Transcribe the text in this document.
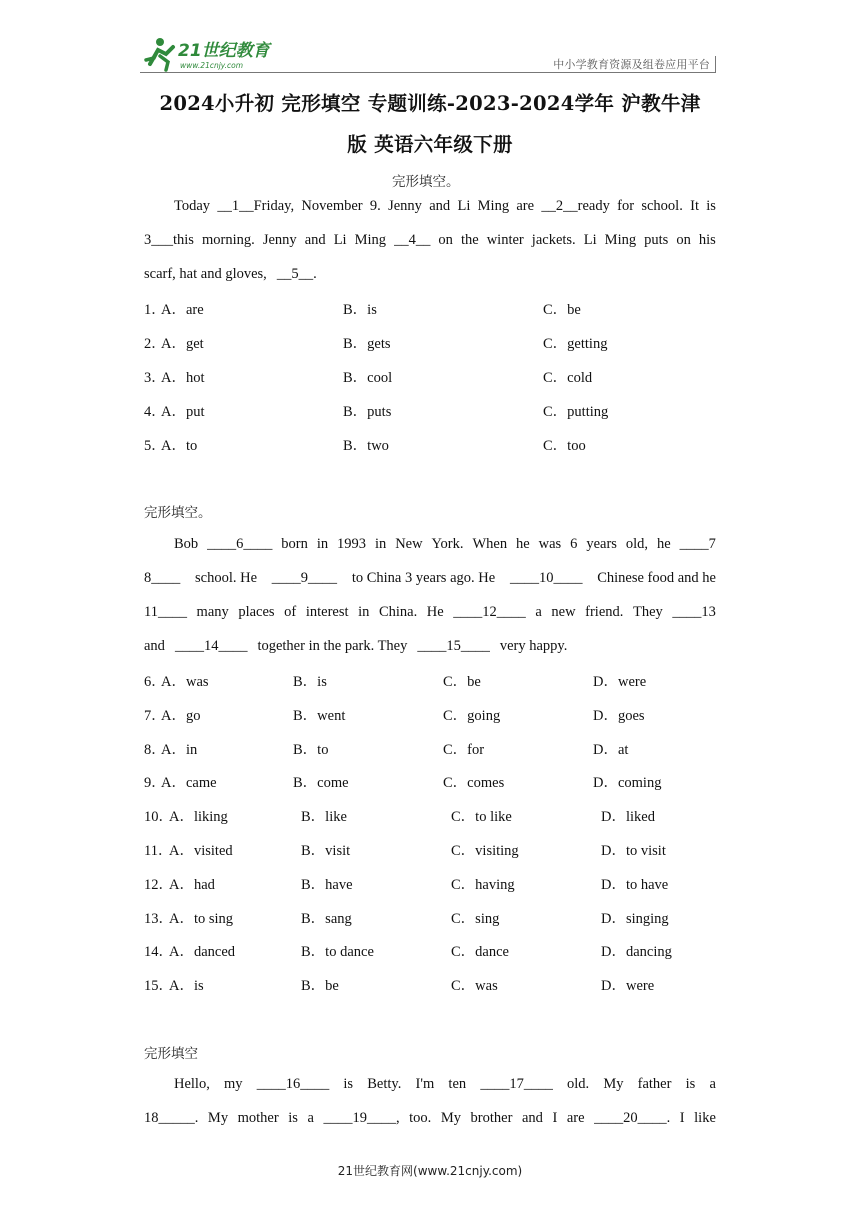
21世纪教育
www.21cnjy.com	中小学教育资源及组卷应用平台
2024小升初 完形填空 专题训练-2023-2024学年 沪教牛津
版 英语六年级下册
完形填空。
Today __1__Friday, November 9. Jenny and Li Ming are __2__ready for school. It is
3___this morning. Jenny and Li Ming __4__ on the winter jackets. Li Ming puts on his
scarf, hat and gloves, __5__.
1．
A．are	B．is	C．be
2．
A．get	B．gets	C．getting
3．
A．hot	B．cool	C．cold
4．
A．put	B．puts	C．putting
5．
A．to	B．two	C．too
完形填空。
Bob ____6____ born in 1993 in New York. When he was 6 years old, he ____7
8____ school. He ____9____ to China 3 years ago. He ____10____ Chinese food and he
11____ many places of interest in China. He ____12____ a new friend. They ____13
and ____14____ together in the park. They ____15____ very happy.
6．
A．was	B．is	C．be	D．were
7．
A．go	B．went	C．going	D．goes
8．
A．in	B．to	C．for	D．at
9．
A．came	B．come	C．comes	D．coming
10．
A．liking	B．like	C．to like	D．liked
11．
A．visited	B．visit	C．visiting	D．to visit
12．
A．had	B．have	C．having	D．to have
13．
A．to sing	B．sang	C．sing	D．singing
14．
A．danced	B．to dance	C．dance	D．dancing
15．
A．is	B．be	C．was	D．were
完形填空
Hello, my ____16____ is Betty. I'm ten ____17____ old. My father is a
18_____. My mother is a ____19____, too. My brother and I are ____20____. I like
21世纪教育网(www.21cnjy.com)
